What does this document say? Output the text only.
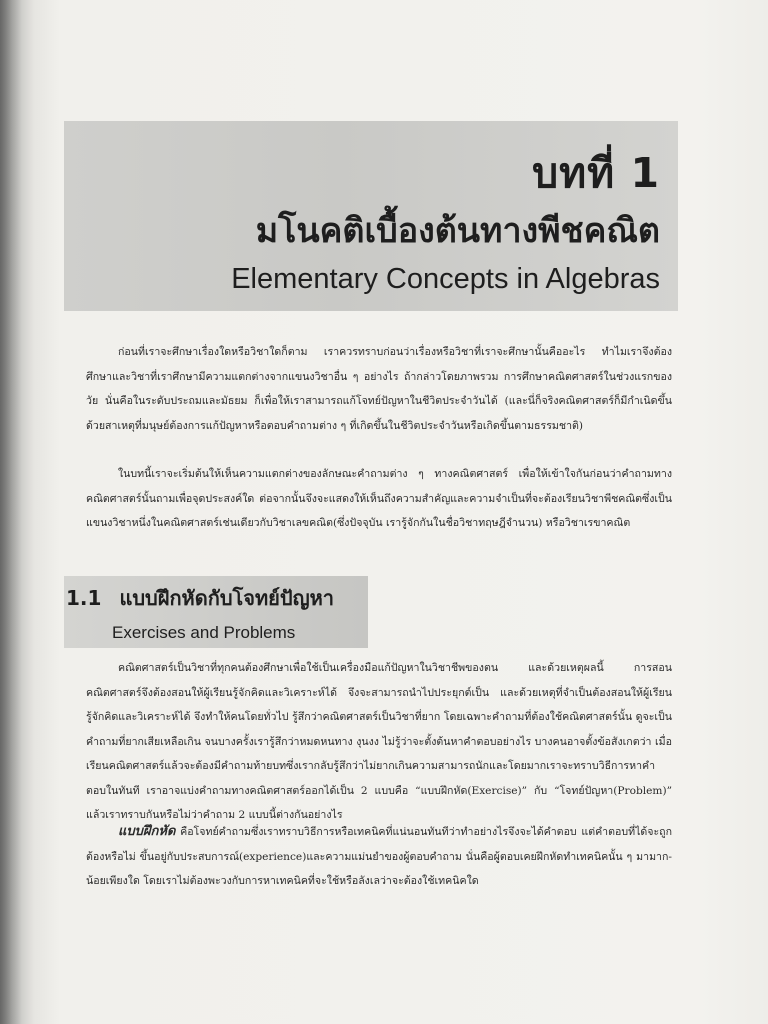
บทที่ 1
มโนคติเบื้องต้นทางพีชคณิต
Elementary Concepts in Algebras

ก่อนที่เราจะศึกษาเรื่องใดหรือวิชาใดก็ตาม เราควรทราบก่อนว่าเรื่องหรือวิชาที่เราจะศึกษานั้นคืออะไร ทำไมเราจึงต้องศึกษาและวิชาที่เราศึกษามีความแตกต่างจากแขนงวิชาอื่น ๆ อย่างไร ถ้ากล่าวโดยภาพรวม การศึกษาคณิตศาสตร์ในช่วงแรกของวัย นั่นคือในระดับประถมและมัธยม ก็เพื่อให้เราสามารถแก้โจทย์ปัญหาในชีวิตประจำวันได้ (และนี่ก็จริงคณิตศาสตร์ก็มีกำเนิดขึ้นด้วยสาเหตุที่มนุษย์ต้องการแก้ปัญหาหรือตอบคำถามต่าง ๆ ที่เกิดขึ้นในชีวิตประจำวันหรือเกิดขึ้นตามธรรมชาติ)

ในบทนี้เราจะเริ่มต้นให้เห็นความแตกต่างของลักษณะคำถามต่าง ๆ ทางคณิตศาสตร์ เพื่อให้เข้าใจกันก่อนว่าคำถามทางคณิตศาสตร์นั้นถามเพื่อจุดประสงค์ใด ต่อจากนั้นจึงจะแสดงให้เห็นถึงความสำคัญและความจำเป็นที่จะต้องเรียนวิชาพีชคณิตซึ่งเป็นแขนงวิชาหนึ่งในคณิตศาสตร์เช่นเดียวกับวิชาเลขคณิต(ซึ่งปัจจุบัน เรารู้จักกันในชื่อวิชาทฤษฎีจำนวน) หรือวิชาเรขาคณิต

1.1 แบบฝึกหัดกับโจทย์ปัญหา
Exercises and Problems

คณิตศาสตร์เป็นวิชาที่ทุกคนต้องศึกษาเพื่อใช้เป็นเครื่องมือแก้ปัญหาในวิชาชีพของตน และด้วยเหตุผลนี้ การสอนคณิตศาสตร์จึงต้องสอนให้ผู้เรียนรู้จักคิดและวิเคราะห์ได้ จึงจะสามารถนำไปประยุกต์เป็น และด้วยเหตุที่จำเป็นต้องสอนให้ผู้เรียนรู้จักคิดและวิเคราะห์ได้ จึงทำให้คนโดยทั่วไป รู้สึกว่าคณิตศาสตร์เป็นวิชาที่ยาก โดยเฉพาะคำถามที่ต้องใช้คณิตศาสตร์นั้น ดูจะเป็นคำถามที่ยากเสียเหลือเกิน จนบางครั้งเรารู้สึกว่าหมดหนทาง งุนงง ไม่รู้ว่าจะตั้งต้นหาคำตอบอย่างไร บางคนอาจตั้งข้อสังเกตว่า เมื่อเรียนคณิตศาสตร์แล้วจะต้องมีคำถามท้ายบทซึ่งเรากลับรู้สึกว่าไม่ยากเกินความสามารถนักและโดยมากเราจะทราบวิธีการหาคำตอบในทันที เราอาจแบ่งคำถามทางคณิตศาสตร์ออกได้เป็น 2 แบบคือ “แบบฝึกหัด(Exercise)” กับ “โจทย์ปัญหา(Problem)” แล้วเราทราบกันหรือไม่ว่าคำถาม 2 แบบนี้ต่างกันอย่างไร

แบบฝึกหัด คือโจทย์คำถามซึ่งเราทราบวิธีการหรือเทคนิคที่แน่นอนทันทีว่าทำอย่างไรจึงจะได้คำตอบ แต่คำตอบที่ได้จะถูกต้องหรือไม่ ขึ้นอยู่กับประสบการณ์(experience)และความแม่นยำของผู้ตอบคำถาม นั่นคือผู้ตอบเคยฝึกหัดทำเทคนิคนั้น ๆ มามาก-น้อยเพียงใด โดยเราไม่ต้องพะวงกับการหาเทคนิคที่จะใช้หรือลังเลว่าจะต้องใช้เทคนิคใด
